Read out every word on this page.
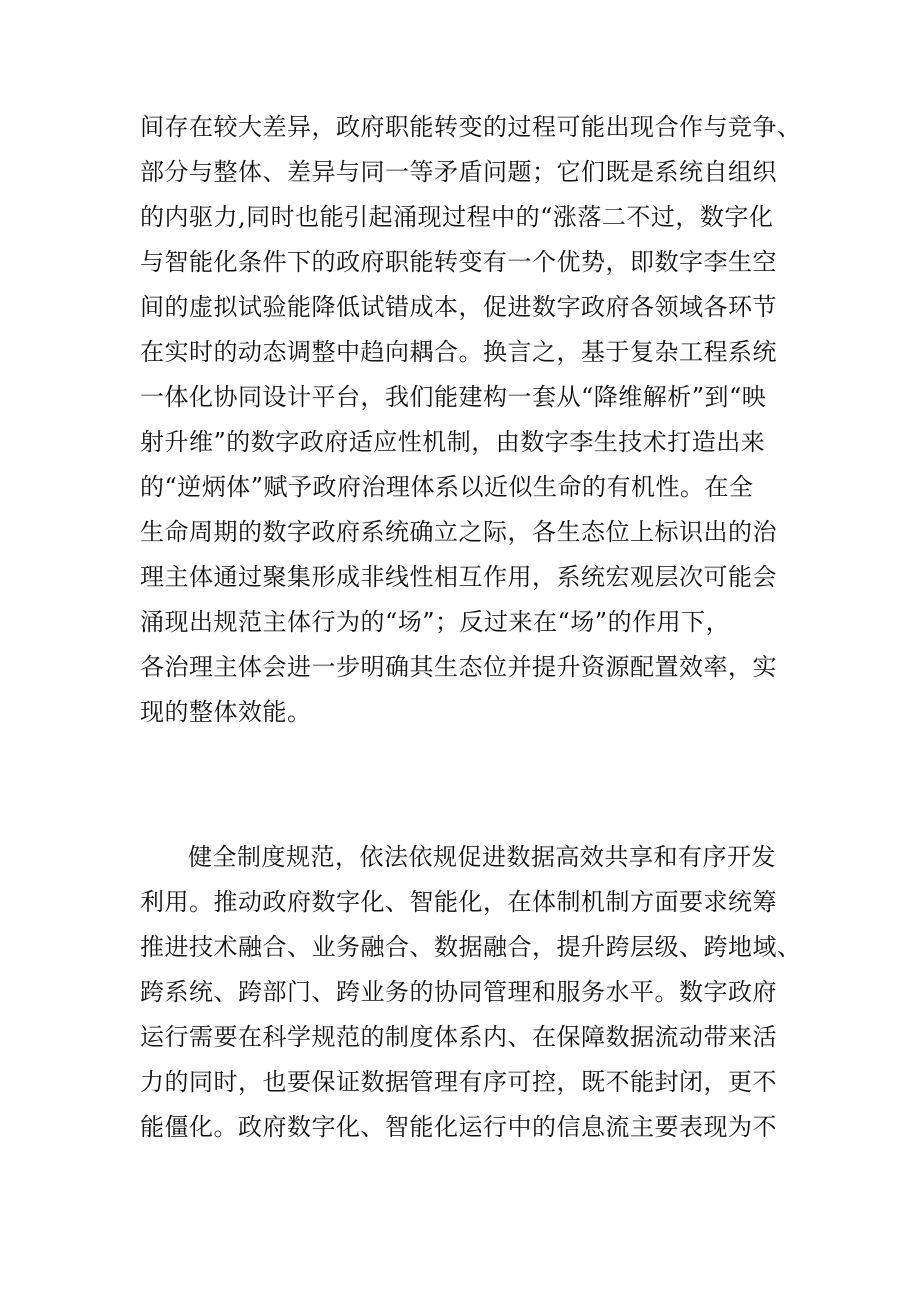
间存在较大差异，政府职能转变的过程可能出现合作与竞争、
部分与整体、差异与同一等矛盾问题；它们既是系统自组织
的内驱力,同时也能引起涌现过程中的“涨落二不过，数字化
与智能化条件下的政府职能转变有一个优势，即数字李生空
间的虚拟试验能降低试错成本，促进数字政府各领域各环节
在实时的动态调整中趋向耦合。换言之，基于复杂工程系统
一体化协同设计平台，我们能建构一套从“降维解析”到“映
射升维”的数字政府适应性机制，由数字李生技术打造出来
的“逆炳体”赋予政府治理体系以近似生命的有机性。在全
生命周期的数字政府系统确立之际，各生态位上标识出的治
理主体通过聚集形成非线性相互作用，系统宏观层次可能会
涌现出规范主体行为的“场”；反过来在“场”的作用下，
各治理主体会进一步明确其生态位并提升资源配置效率，实
现的整体效能。
健全制度规范，依法依规促进数据高效共享和有序开发
利用。推动政府数字化、智能化，在体制机制方面要求统筹
推进技术融合、业务融合、数据融合，提升跨层级、跨地域、
跨系统、跨部门、跨业务的协同管理和服务水平。数字政府
运行需要在科学规范的制度体系内、在保障数据流动带来活
力的同时，也要保证数据管理有序可控，既不能封闭，更不
能僵化。政府数字化、智能化运行中的信息流主要表现为不
